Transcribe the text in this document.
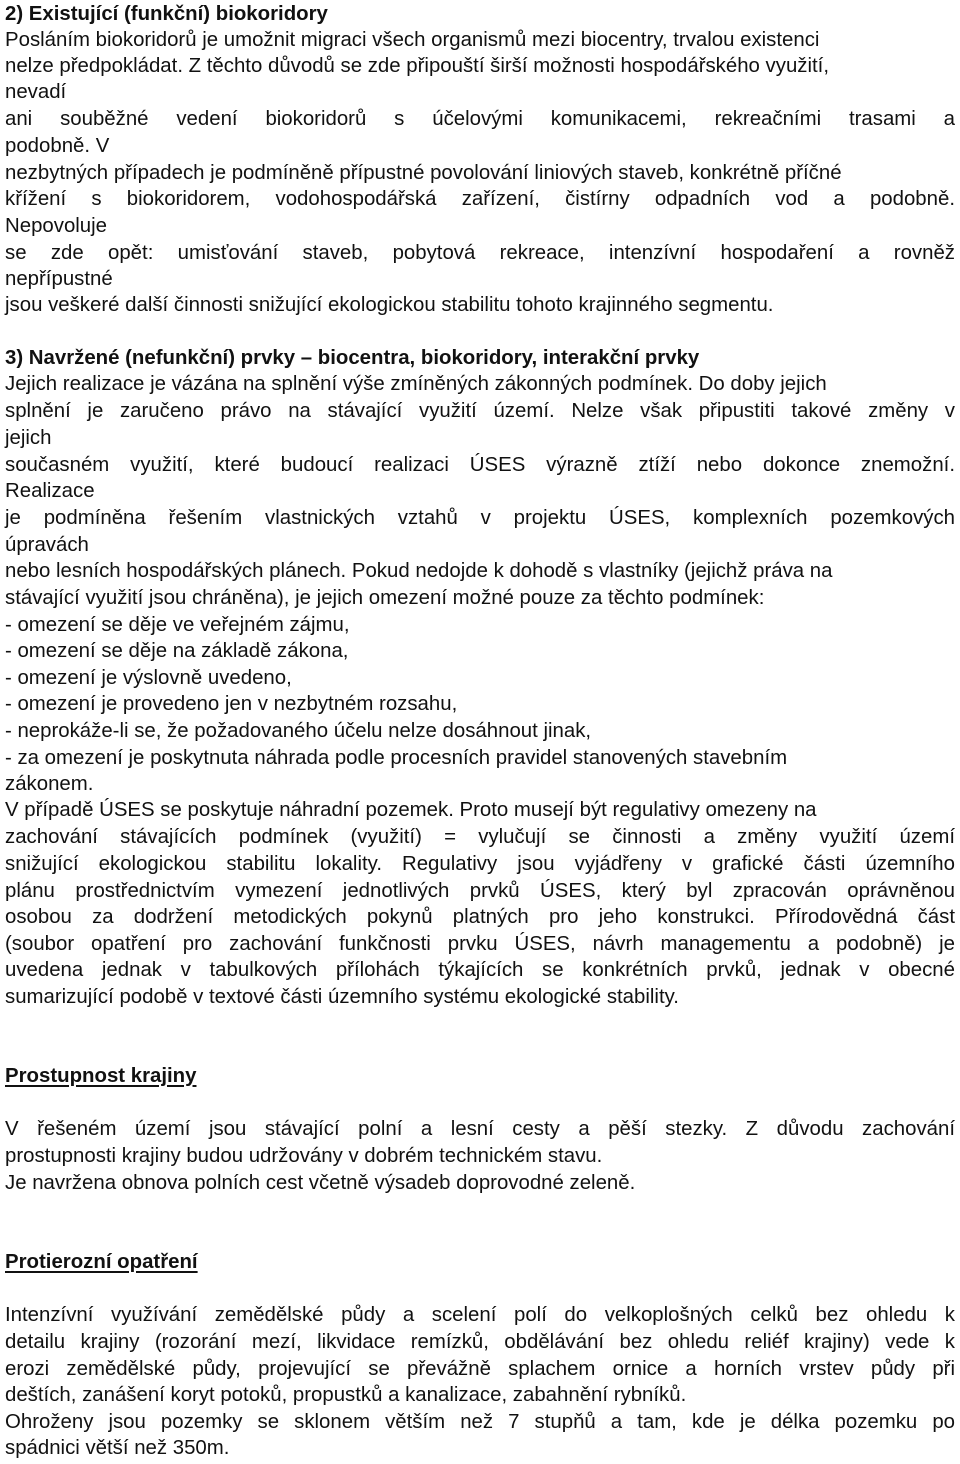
2) Existující (funkční) biokoridory
Posláním biokoridorů je umožnit migraci všech organismů mezi biocentry, trvalou existenci
nelze předpokládat. Z těchto důvodů se zde připouští širší možnosti hospodářského využití,
nevadí
ani souběžné vedení biokoridorů s účelovými komunikacemi, rekreačními trasami a
podobně. V
nezbytných případech je podmíněně přípustné povolování liniových staveb, konkrétně příčné
křížení s biokoridorem, vodohospodářská zařízení, čistírny odpadních vod a podobně.
Nepovoluje
se zde opět: umisťování staveb, pobytová rekreace, intenzívní hospodaření a rovněž
nepřípustné
jsou veškeré další činnosti snižující ekologickou stabilitu tohoto krajinného segmentu.
3) Navržené (nefunkční) prvky – biocentra, biokoridory, interakční prvky
Jejich realizace je vázána na splnění výše zmíněných zákonných podmínek. Do doby jejich
splnění je zaručeno právo na stávající využití území. Nelze však připustiti takové změny v
jejich
současném využití, které budoucí realizaci ÚSES výrazně ztíží nebo dokonce znemožní.
Realizace
je podmíněna řešením vlastnických vztahů v projektu ÚSES, komplexních pozemkových
úpravách
nebo lesních hospodářských plánech. Pokud nedojde k dohodě s vlastníky (jejichž práva na
stávající využití jsou chráněna), je jejich omezení možné pouze za těchto podmínek:
- omezení se děje ve veřejném zájmu,
- omezení se děje na základě zákona,
- omezení je výslovně uvedeno,
- omezení je provedeno jen v nezbytném rozsahu,
- neprokáže-li se, že požadovaného účelu nelze dosáhnout jinak,
- za omezení je poskytnuta náhrada podle procesních pravidel stanovených stavebním
zákonem.
V případě ÚSES se poskytuje náhradní pozemek. Proto musejí být regulativy omezeny na
zachování stávajících podmínek (využití) = vylučují se činnosti a změny využití území
snižující ekologickou stabilitu lokality. Regulativy jsou vyjádřeny v grafické části územního
plánu prostřednictvím vymezení jednotlivých prvků ÚSES, který byl zpracován oprávněnou
osobou za dodržení metodických pokynů platných pro jeho konstrukci. Přírodovědná část
(soubor opatření pro zachování funkčnosti prvku ÚSES, návrh managementu a podobně) je
uvedena jednak v tabulkových přílohách týkajících se konkrétních prvků, jednak v obecné
sumarizující podobě v textové části územního systému ekologické stability.
Prostupnost krajiny
V řešeném území jsou stávající polní a lesní cesty a pěší stezky. Z důvodu zachování
prostupnosti krajiny budou udržovány v dobrém technickém stavu.
Je navržena obnova polních cest včetně výsadeb doprovodné zeleně.
Protierozní opatření
Intenzívní využívání zemědělské půdy a scelení polí do velkoplošných celků bez ohledu k
detailu krajiny (rozorání mezí, likvidace remízků, obdělávání bez ohledu reliéf krajiny) vede k
erozi zemědělské půdy, projevující se převážně splachem ornice a horních vrstev půdy při
deštích, zanášení koryt potoků, propustků a kanalizace, zabahnění rybníků.
Ohroženy jsou pozemky se sklonem větším než 7 stupňů a tam, kde je délka pozemku po
spádnici větší než 350m.
